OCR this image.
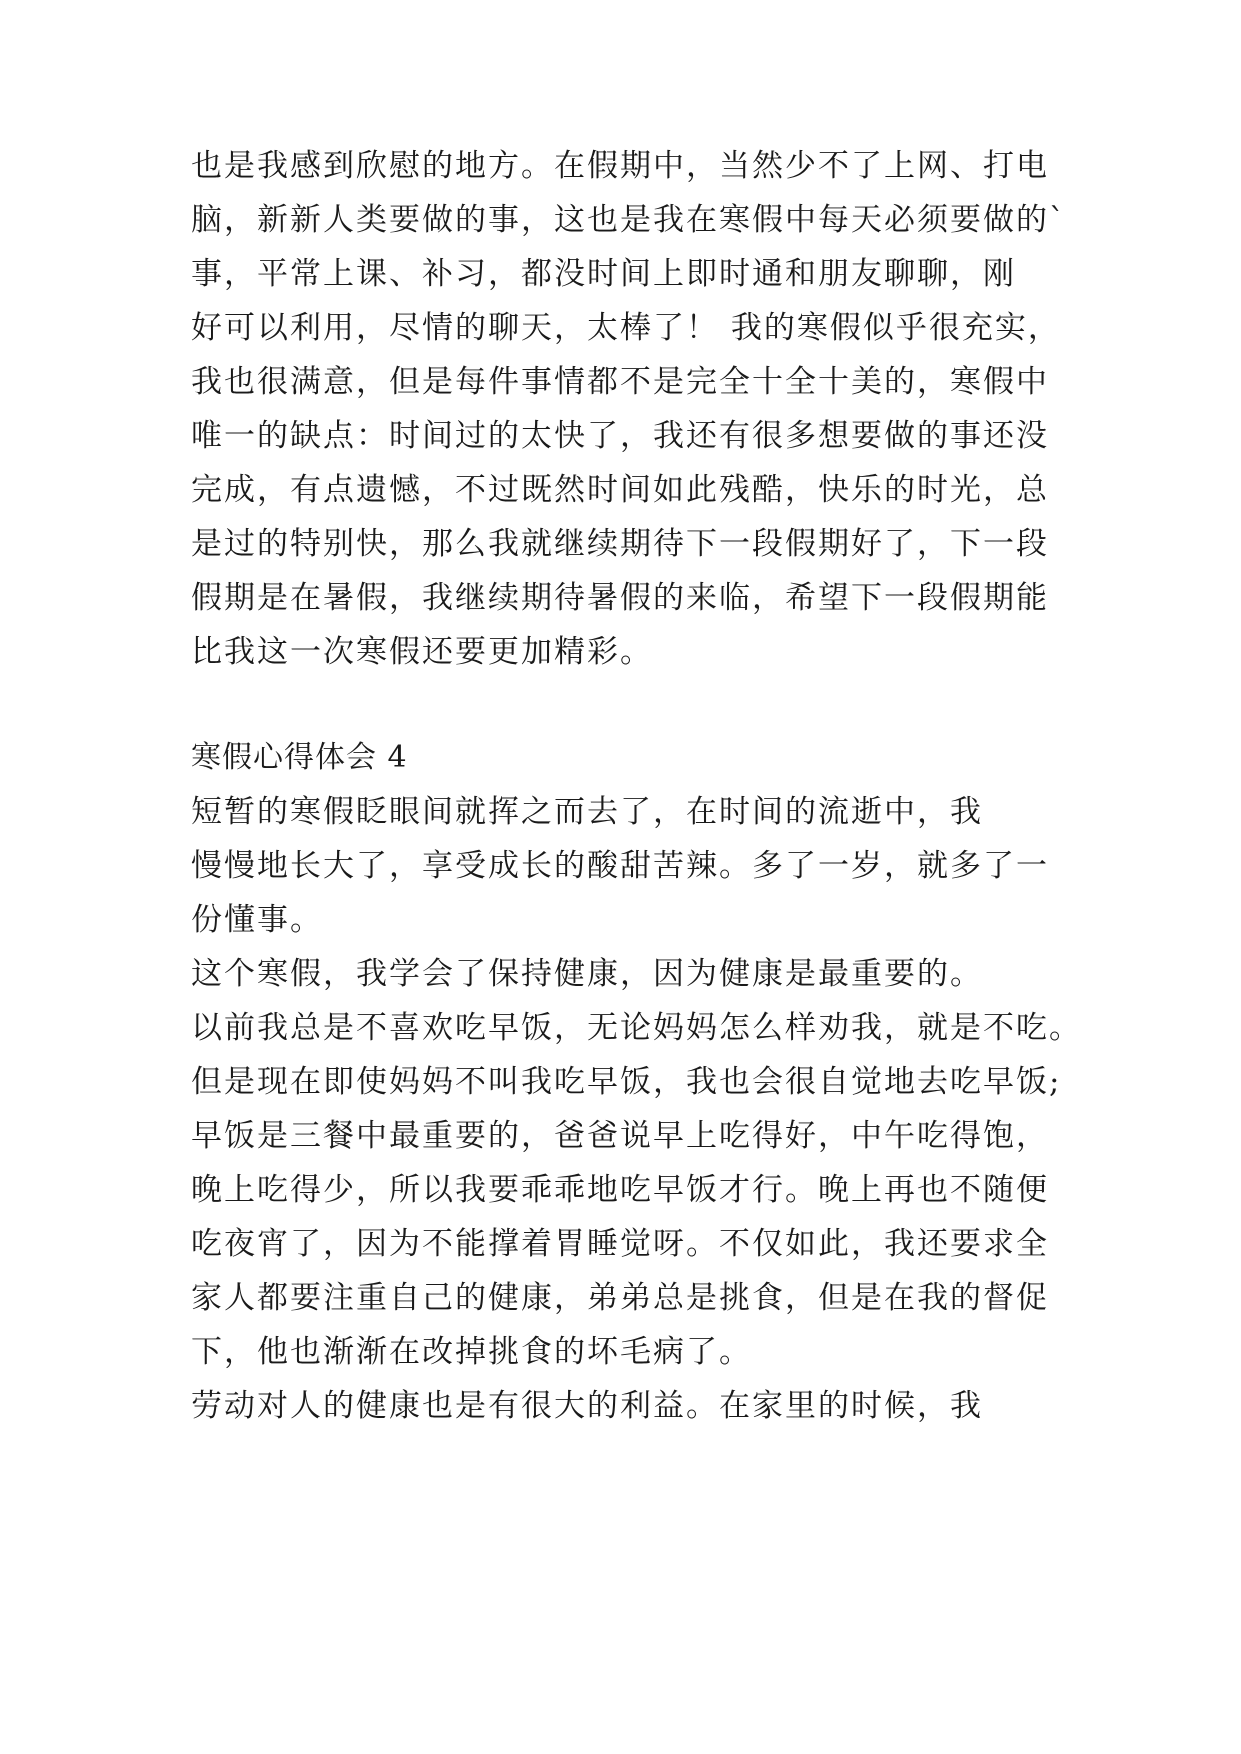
也是我感到欣慰的地方。在假期中，当然少不了上网、打电
脑，新新人类要做的事，这也是我在寒假中每天必须要做的`
事，平常上课、补习，都没时间上即时通和朋友聊聊，刚
好可以利用，尽情的聊天，太棒了！ 我的寒假似乎很充实，
我也很满意，但是每件事情都不是完全十全十美的，寒假中
唯一的缺点：时间过的太快了，我还有很多想要做的事还没
完成，有点遗憾，不过既然时间如此残酷，快乐的时光，总
是过的特别快，那么我就继续期待下一段假期好了，下一段
假期是在暑假，我继续期待暑假的来临，希望下一段假期能
比我这一次寒假还要更加精彩。
寒假心得体会 4
短暂的寒假眨眼间就挥之而去了，在时间的流逝中，我
慢慢地长大了，享受成长的酸甜苦辣。多了一岁，就多了一
份懂事。
这个寒假，我学会了保持健康，因为健康是最重要的。
以前我总是不喜欢吃早饭，无论妈妈怎么样劝我，就是不吃。
但是现在即使妈妈不叫我吃早饭，我也会很自觉地去吃早饭;
早饭是三餐中最重要的，爸爸说早上吃得好，中午吃得饱，
晚上吃得少，所以我要乖乖地吃早饭才行。晚上再也不随便
吃夜宵了，因为不能撑着胃睡觉呀。不仅如此，我还要求全
家人都要注重自己的健康，弟弟总是挑食，但是在我的督促
下，他也渐渐在改掉挑食的坏毛病了。
劳动对人的健康也是有很大的利益。在家里的时候，我
